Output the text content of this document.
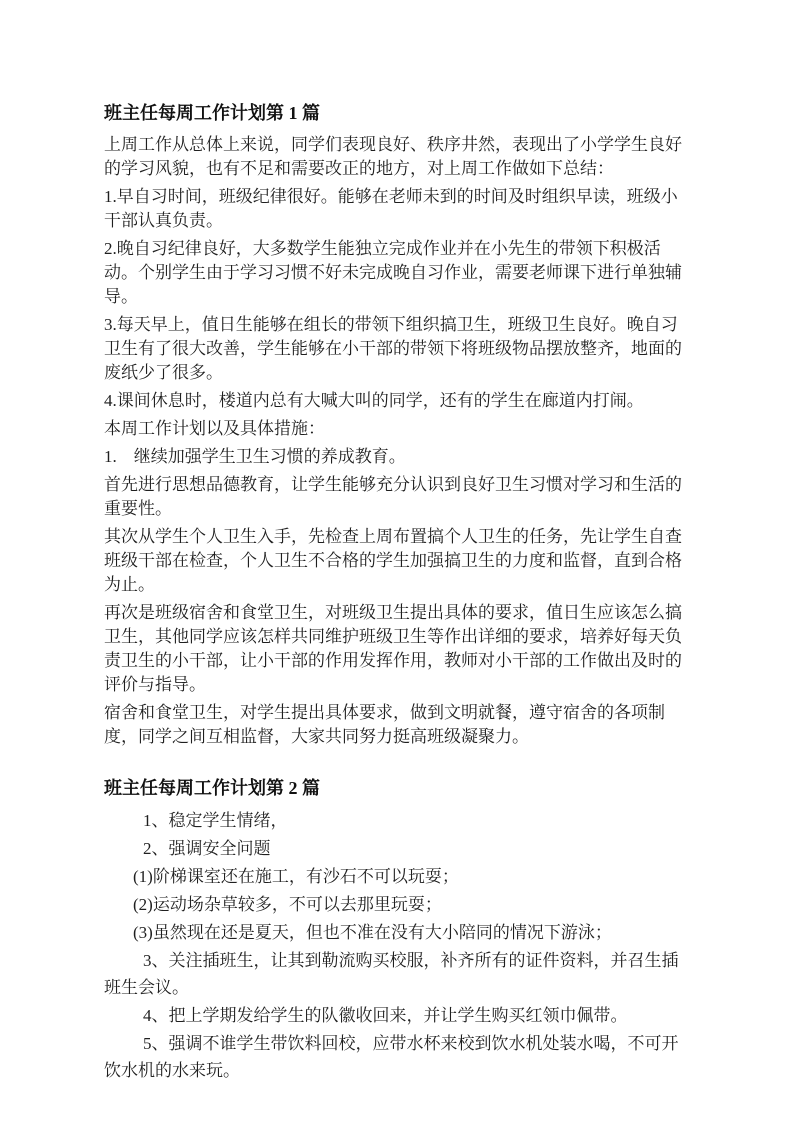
班主任每周工作计划第 1 篇

上周工作从总体上来说，同学们表现良好、秩序井然，表现出了小学学生良好的学习风貌，也有不足和需要改正的地方，对上周工作做如下总结：

1.早自习时间，班级纪律很好。能够在老师未到的时间及时组织早读，班级小干部认真负责。

2.晚自习纪律良好，大多数学生能独立完成作业并在小先生的带领下积极活动。个别学生由于学习习惯不好未完成晚自习作业，需要老师课下进行单独辅导。

3.每天早上，值日生能够在组长的带领下组织搞卫生，班级卫生良好。晚自习卫生有了很大改善，学生能够在小干部的带领下将班级物品摆放整齐，地面的废纸少了很多。

4.课间休息时，楼道内总有大喊大叫的同学，还有的学生在廊道内打闹。

本周工作计划以及具体措施：

1.　继续加强学生卫生习惯的养成教育。

首先进行思想品德教育，让学生能够充分认识到良好卫生习惯对学习和生活的重要性。

其次从学生个人卫生入手，先检查上周布置搞个人卫生的任务，先让学生自查班级干部在检查，个人卫生不合格的学生加强搞卫生的力度和监督，直到合格为止。

再次是班级宿舍和食堂卫生，对班级卫生提出具体的要求，值日生应该怎么搞卫生，其他同学应该怎样共同维护班级卫生等作出详细的要求，培养好每天负责卫生的小干部，让小干部的作用发挥作用，教师对小干部的工作做出及时的评价与指导。

宿舍和食堂卫生，对学生提出具体要求，做到文明就餐，遵守宿舍的各项制度，同学之间互相监督，大家共同努力挺高班级凝聚力。

班主任每周工作计划第 2 篇

1、稳定学生情绪，

2、强调安全问题

(1)阶梯课室还在施工，有沙石不可以玩耍；

(2)运动场杂草较多，不可以去那里玩耍；

(3)虽然现在还是夏天，但也不准在没有大小陪同的情况下游泳；

3、关注插班生，让其到勒流购买校服，补齐所有的证件资料，并召生插班生会议。

4、把上学期发给学生的队徽收回来，并让学生购买红领巾佩带。

5、强调不谁学生带饮料回校，应带水杯来校到饮水机处装水喝，不可开饮水机的水来玩。
